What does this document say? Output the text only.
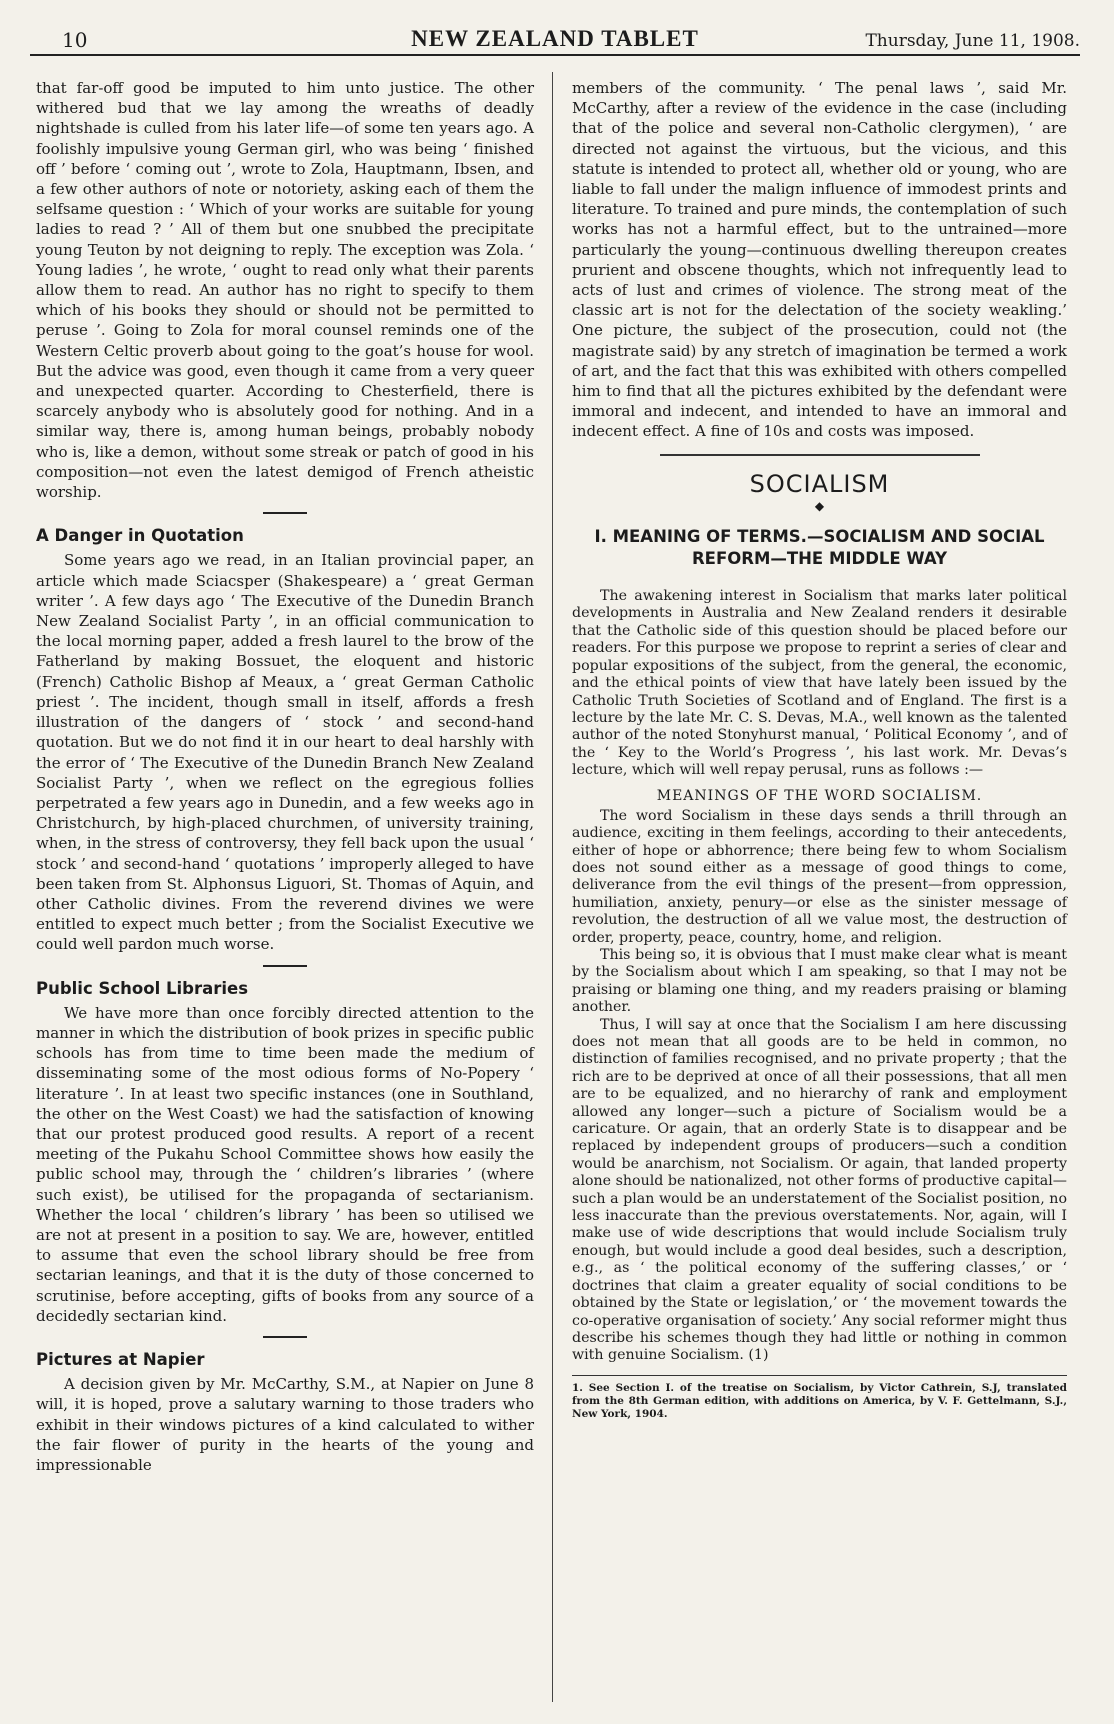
10	NEW ZEALAND TABLET	Thursday, June 11, 1908.

that far-off good be imputed to him unto justice. The other withered bud that we lay among the wreaths of deadly nightshade is culled from his later life—of some ten years ago. A foolishly impulsive young German girl, who was being ‘ finished off ’ before ‘ coming out ’, wrote to Zola, Hauptmann, Ibsen, and a few other authors of note or notoriety, asking each of them the selfsame question : ‘ Which of your works are suitable for young ladies to read ? ’ All of them but one snubbed the precipitate young Teuton by not deigning to reply. The exception was Zola. ‘ Young ladies ’, he wrote, ‘ ought to read only what their parents allow them to read. An author has no right to specify to them which of his books they should or should not be permitted to peruse ’. Going to Zola for moral counsel reminds one of the Western Celtic proverb about going to the goat’s house for wool. But the advice was good, even though it came from a very queer and unexpected quarter. According to Chesterfield, there is scarcely anybody who is absolutely good for nothing. And in a similar way, there is, among human beings, probably nobody who is, like a demon, without some streak or patch of good in his composition—not even the latest demigod of French atheistic worship.

A Danger in Quotation

Some years ago we read, in an Italian provincial paper, an article which made Sciacsper (Shakespeare) a ‘ great German writer ’. A few days ago ‘ The Executive of the Dunedin Branch New Zealand Socialist Party ’, in an official communication to the local morning paper, added a fresh laurel to the brow of the Fatherland by making Bossuet, the eloquent and historic (French) Catholic Bishop af Meaux, a ‘ great German Catholic priest ’. The incident, though small in itself, affords a fresh illustration of the dangers of ‘ stock ’ and second-hand quotation. But we do not find it in our heart to deal harshly with the error of ‘ The Executive of the Dunedin Branch New Zealand Socialist Party ’, when we reflect on the egregious follies perpetrated a few years ago in Dunedin, and a few weeks ago in Christchurch, by high-placed churchmen, of university training, when, in the stress of controversy, they fell back upon the usual ‘ stock ’ and second-hand ‘ quotations ’ improperly alleged to have been taken from St. Alphonsus Liguori, St. Thomas of Aquin, and other Catholic divines. From the reverend divines we were entitled to expect much better ; from the Socialist Executive we could well pardon much worse.

Public School Libraries

We have more than once forcibly directed attention to the manner in which the distribution of book prizes in specific public schools has from time to time been made the medium of disseminating some of the most odious forms of No-Popery ‘ literature ’. In at least two specific instances (one in Southland, the other on the West Coast) we had the satisfaction of knowing that our protest produced good results. A report of a recent meeting of the Pukahu School Committee shows how easily the public school may, through the ‘ children’s libraries ’ (where such exist), be utilised for the propaganda of sectarianism. Whether the local ‘ children’s library ’ has been so utilised we are not at present in a position to say. We are, however, entitled to assume that even the school library should be free from sectarian leanings, and that it is the duty of those concerned to scrutinise, before accepting, gifts of books from any source of a decidedly sectarian kind.

Pictures at Napier

A decision given by Mr. McCarthy, S.M., at Napier on June 8 will, it is hoped, prove a salutary warning to those traders who exhibit in their windows pictures of a kind calculated to wither the fair flower of purity in the hearts of the young and impressionable

members of the community. ‘ The penal laws ’, said Mr. McCarthy, after a review of the evidence in the case (including that of the police and several non-Catholic clergymen), ‘ are directed not against the virtuous, but the vicious, and this statute is intended to protect all, whether old or young, who are liable to fall under the malign influence of immodest prints and literature. To trained and pure minds, the contemplation of such works has not a harmful effect, but to the untrained—more particularly the young—continuous dwelling thereupon creates prurient and obscene thoughts, which not infrequently lead to acts of lust and crimes of violence. The strong meat of the classic art is not for the delectation of the society weakling.’ One picture, the subject of the prosecution, could not (the magistrate said) by any stretch of imagination be termed a work of art, and the fact that this was exhibited with others compelled him to find that all the pictures exhibited by the defendant were immoral and indecent, and intended to have an immoral and indecent effect. A fine of 10s and costs was imposed.

SOCIALISM
◆
I. MEANING OF TERMS.—SOCIALISM AND SOCIAL REFORM—THE MIDDLE WAY

The awakening interest in Socialism that marks later political developments in Australia and New Zealand renders it desirable that the Catholic side of this question should be placed before our readers. For this purpose we propose to reprint a series of clear and popular expositions of the subject, from the general, the economic, and the ethical points of view that have lately been issued by the Catholic Truth Societies of Scotland and of England. The first is a lecture by the late Mr. C. S. Devas, M.A., well known as the talented author of the noted Stonyhurst manual, ‘ Political Economy ’, and of the ‘ Key to the World’s Progress ’, his last work. Mr. Devas’s lecture, which will well repay perusal, runs as follows :—

MEANINGS OF THE WORD SOCIALISM.

The word Socialism in these days sends a thrill through an audience, exciting in them feelings, according to their antecedents, either of hope or abhorrence; there being few to whom Socialism does not sound either as a message of good things to come, deliverance from the evil things of the present—from oppression, humiliation, anxiety, penury—or else as the sinister message of revolution, the destruction of all we value most, the destruction of order, property, peace, country, home, and religion.

This being so, it is obvious that I must make clear what is meant by the Socialism about which I am speaking, so that I may not be praising or blaming one thing, and my readers praising or blaming another.

Thus, I will say at once that the Socialism I am here discussing does not mean that all goods are to be held in common, no distinction of families recognised, and no private property ; that the rich are to be deprived at once of all their possessions, that all men are to be equalized, and no hierarchy of rank and employment allowed any longer—such a picture of Socialism would be a caricature. Or again, that an orderly State is to disappear and be replaced by independent groups of producers—such a condition would be anarchism, not Socialism. Or again, that landed property alone should be nationalized, not other forms of productive capital—such a plan would be an understatement of the Socialist position, no less inaccurate than the previous overstatements. Nor, again, will I make use of wide descriptions that would include Socialism truly enough, but would include a good deal besides, such a description, e.g., as ‘ the political economy of the suffering classes,’ or ‘ doctrines that claim a greater equality of social conditions to be obtained by the State or legislation,’ or ‘ the movement towards the co-operative organisation of society.’ Any social reformer might thus describe his schemes though they had little or nothing in common with genuine Socialism. (1)

1. See Section I. of the treatise on Socialism, by Victor Cathrein, S.J, translated from the 8th German edition, with additions on America, by V. F. Gettelmann, S.J., New York, 1904.
